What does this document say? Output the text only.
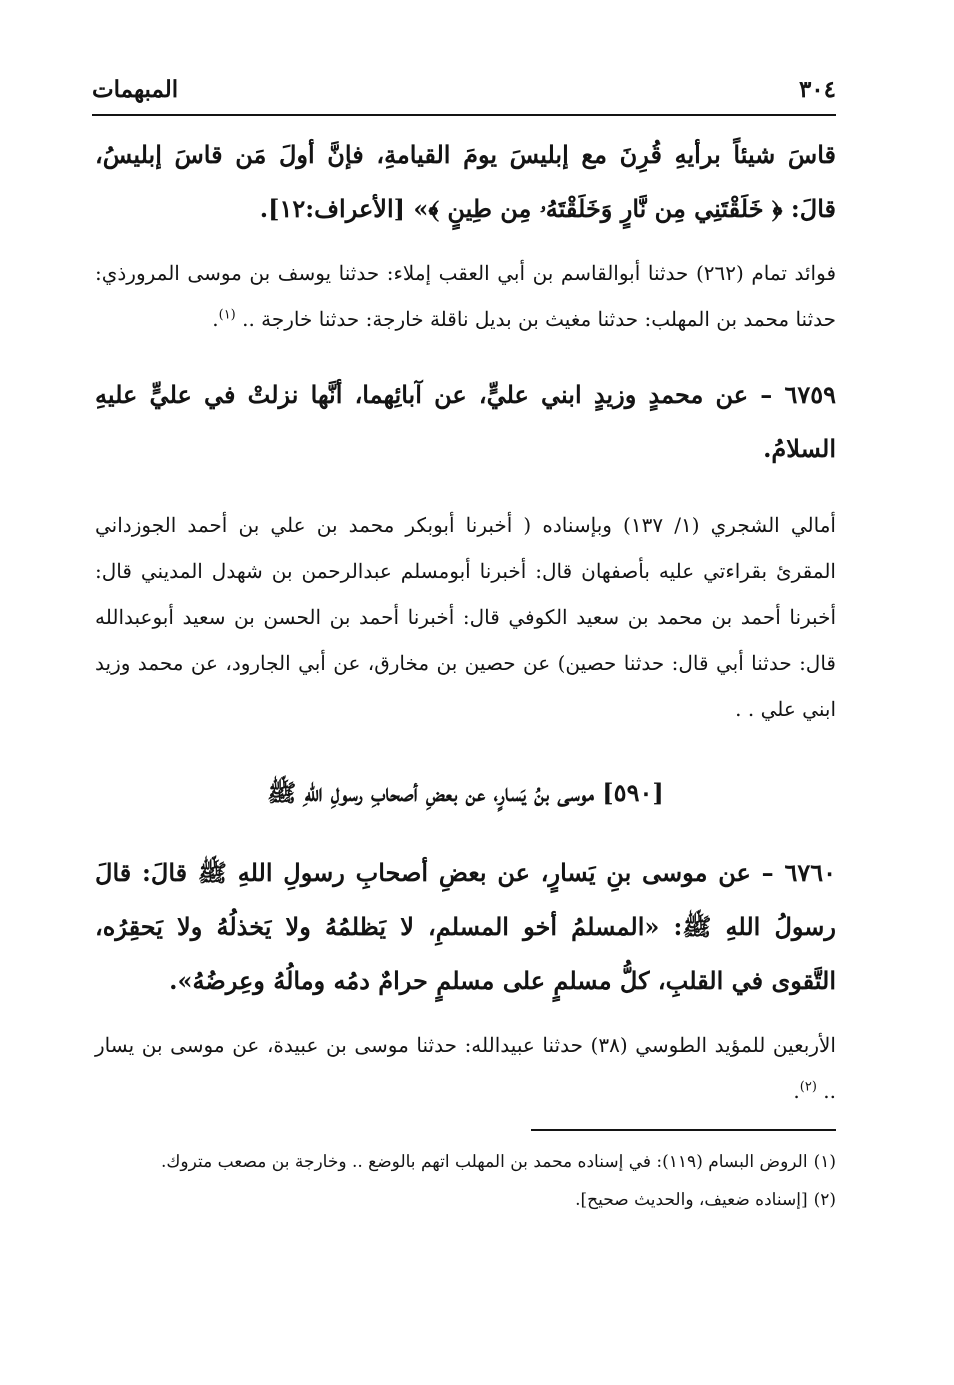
٣٠٤
المبهمات

قاسَ شيئاً برأيهِ قُرِنَ مع إبليسَ يومَ القيامةِ، فإنَّ أولَ مَن قاسَ إبليسُ، قالَ: ﴿ خَلَقْتَنِي مِن نَّارٍ وَخَلَقْتَهُۥ مِن طِينٍ ﴾» [الأعراف:١٢].

فوائد تمام (٢٦٢) حدثنا أبوالقاسم بن أبي العقب إملاء: حدثنا يوسف بن موسى المرورذي: حدثنا محمد بن المهلب: حدثنا مغيث بن بديل ناقلة خارجة: حدثنا خارجة .. $^{(١)}$.

٦٧٥٩ – عن محمدٍ وزيدٍ ابني عليٍّ، عن آبائِهما، أنَّها نزلتْ في عليٍّ عليهِ السلامُ.

أمالي الشجري (١/ ١٣٧) وبإسناده ( أخبرنا أبوبكر محمد بن علي بن أحمد الجوزداني المقرئ بقراءتي عليه بأصفهان قال: أخبرنا أبومسلم عبدالرحمن بن شهدل المديني قال: أخبرنا أحمد بن محمد بن سعيد الكوفي قال: أخبرنا أحمد بن الحسن بن سعيد أبوعبدالله قال: حدثنا أبي قال: حدثنا حصين) عن حصين بن مخارق، عن أبي الجارود، عن محمد وزيد ابني علي . .

[٥٩٠] موسى بنُ يَسارٍ، عن بعضِ أصحابِ رسولِ اللهِ ﷺ

٦٧٦٠ – عن موسى بنِ يَسارٍ، عن بعضِ أصحابِ رسولِ اللهِ ﷺ قالَ: قالَ رسولُ اللهِ ﷺ: «المسلمُ أخو المسلمِ، لا يَظلمُهُ ولا يَخذلُهُ ولا يَحقِرُه، التَّقوى في القلبِ، كلُّ مسلمٍ على مسلمٍ حرامٌ دمُه ومالُهُ وعِرضُهُ».

الأربعين للمؤيد الطوسي (٣٨) حدثنا عبيدالله: حدثنا موسى بن عبيدة، عن موسى بن يسار .. $^{(٢)}$.

(١)الروض البسام (١١٩): في إسناده محمد بن المهلب اتهم بالوضع .. وخارجة بن مصعب متروك.

(٢)[إسناده ضعيف، والحديث صحيح].
